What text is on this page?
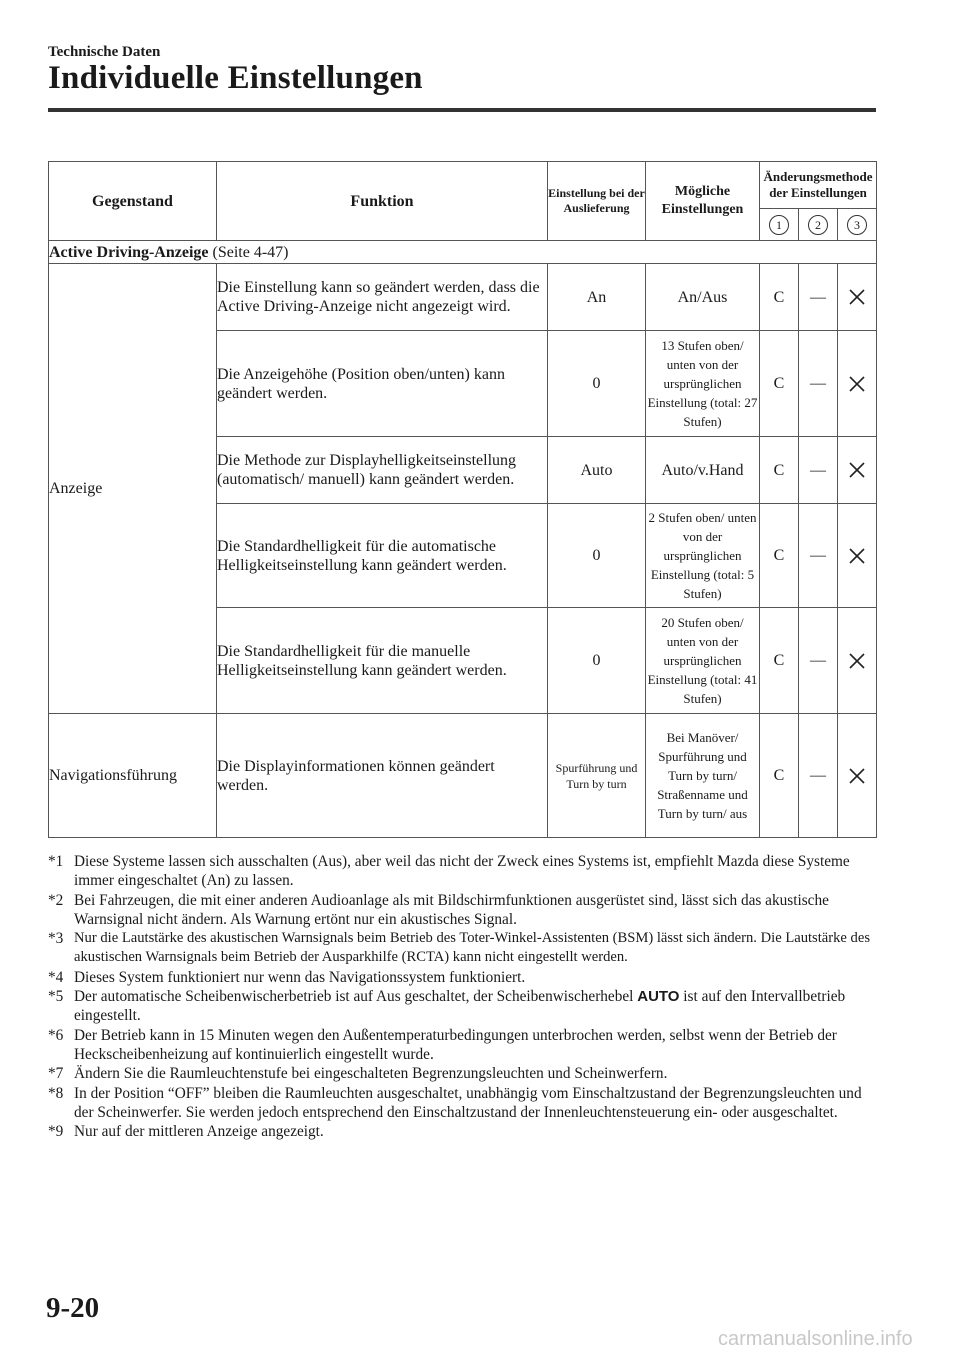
Technische Daten
Individuelle Einstellungen
Gegenstand	Funktion	Einstellung bei der Auslieferung	Mögliche Einstellungen	Änderungsmethode der Einstellungen		
				1	2	3
Active Driving-Anzeige (Seite 4-47)						
Anzeige	Die Einstellung kann so geändert werden, dass die Active Driving-Anzeige nicht angezeigt wird.	An	An/Aus	C	—	
	Die Anzeigehöhe (Position oben/unten) kann geändert werden.	0	13 Stufen oben/ unten von der ursprünglichen Einstellung (total: 27 Stufen)	C	—	
	Die Methode zur Displayhelligkeitseinstellung (automatisch/ manuell) kann geändert werden.	Auto	Auto/v.Hand	C	—	
	Die Standardhelligkeit für die automatische Helligkeitseinstellung kann geändert werden.	0	2 Stufen oben/ unten von der ursprünglichen Einstellung (total: 5 Stufen)	C	—	
	Die Standardhelligkeit für die manuelle Helligkeitseinstellung kann geändert werden.	0	20 Stufen oben/ unten von der ursprünglichen Einstellung (total: 41 Stufen)	C	—	
Navigationsführung	Die Displayinformationen können geändert werden.	Spurführung und Turn by turn	Bei Manöver/ Spurführung und Turn by turn/ Straßenname und Turn by turn/ aus	C	—	
*1 Diese Systeme lassen sich ausschalten (Aus), aber weil das nicht der Zweck eines Systems ist, empfiehlt Mazda diese Systeme immer eingeschaltet (An) zu lassen.
*2 Bei Fahrzeugen, die mit einer anderen Audioanlage als mit Bildschirmfunktionen ausgerüstet sind, lässt sich das akustische Warnsignal nicht ändern. Als Warnung ertönt nur ein akustisches Signal.
*3 Nur die Lautstärke des akustischen Warnsignals beim Betrieb des Toter-Winkel-Assistenten (BSM) lässt sich ändern. Die Lautstärke des akustischen Warnsignals beim Betrieb der Ausparkhilfe (RCTA) kann nicht eingestellt werden.
*4 Dieses System funktioniert nur wenn das Navigationssystem funktioniert.
*5 Der automatische Scheibenwischerbetrieb ist auf Aus geschaltet, der Scheibenwischerhebel AUTO ist auf den Intervallbetrieb eingestellt.
*6 Der Betrieb kann in 15 Minuten wegen den Außentemperaturbedingungen unterbrochen werden, selbst wenn der Betrieb der Heckscheibenheizung auf kontinuierlich eingestellt wurde.
*7 Ändern Sie die Raumleuchtenstufe bei eingeschalteten Begrenzungsleuchten und Scheinwerfern.
*8 In der Position “OFF” bleiben die Raumleuchten ausgeschaltet, unabhängig vom Einschaltzustand der Begrenzungsleuchten und der Scheinwerfer. Sie werden jedoch entsprechend den Einschaltzustand der Innenleuchtensteuerung ein- oder ausgeschaltet.
*9 Nur auf der mittleren Anzeige angezeigt.
9-20
carmanualsonline.info
